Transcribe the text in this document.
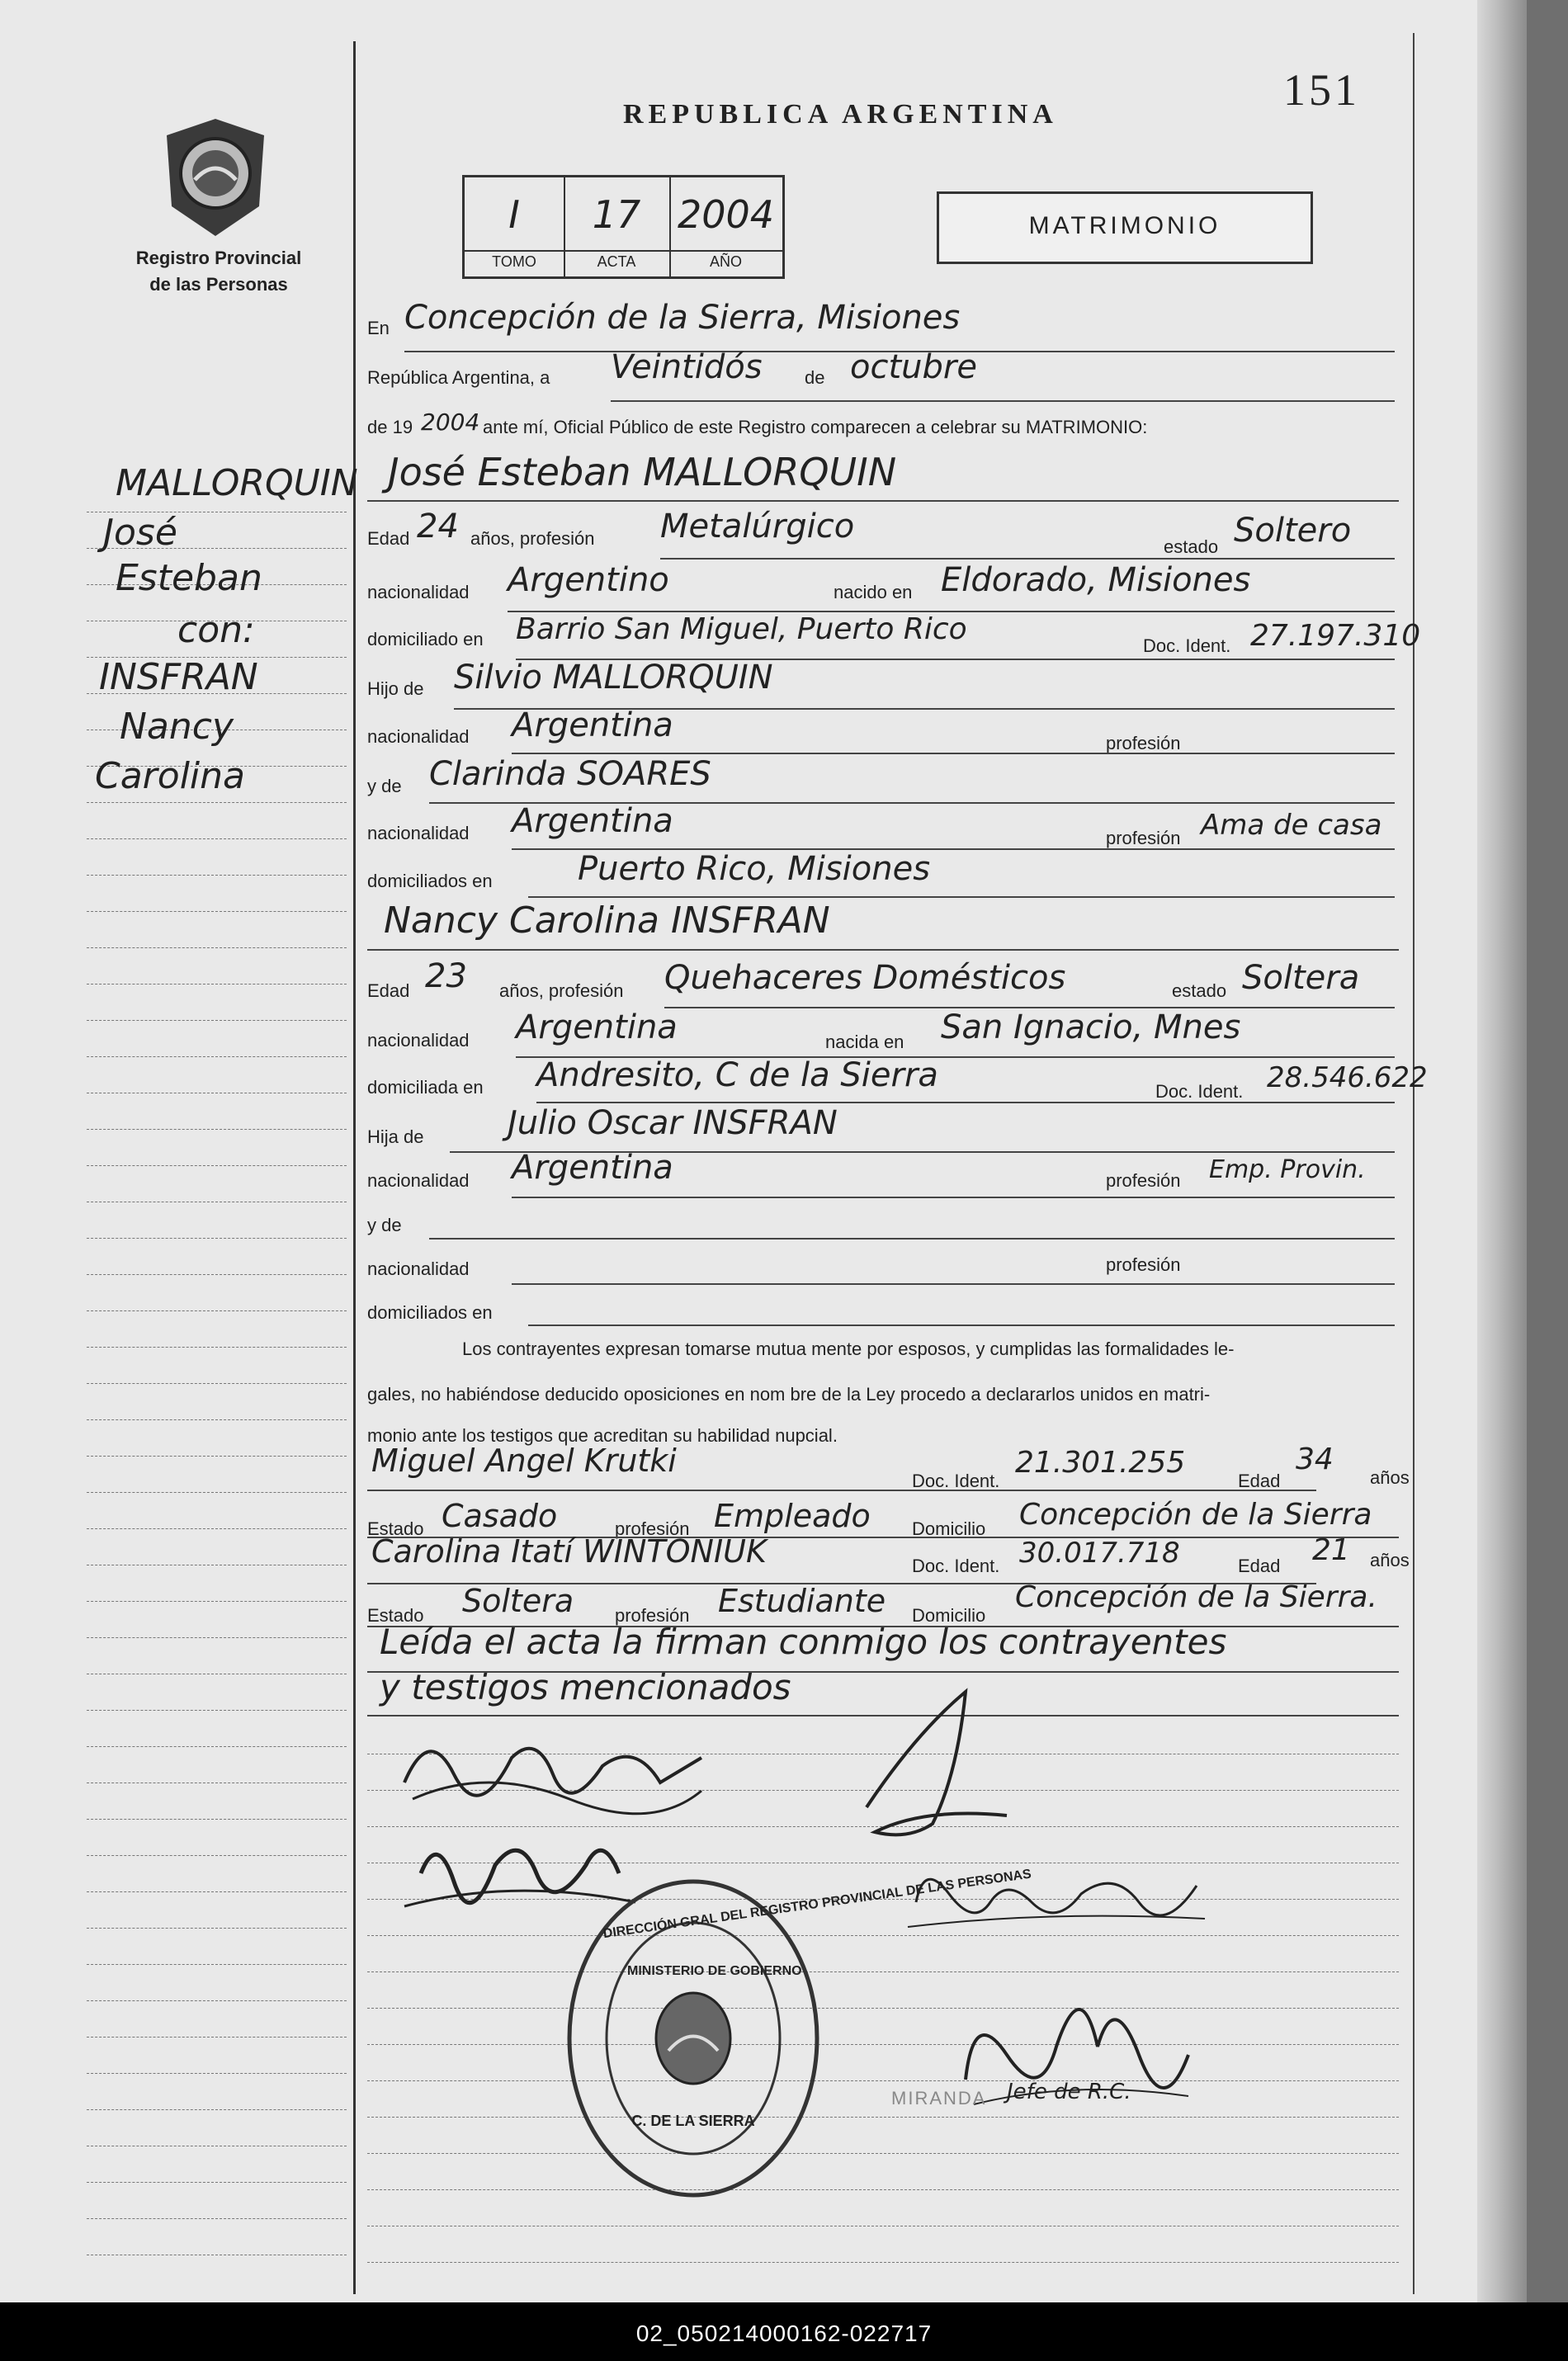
151
Registro Provincial
de las Personas
REPUBLICA ARGENTINA
I	17 2004
TOMO	ACTA	AÑO
MATRIMONIO
MALLORQUIN
José
Esteban
con:
INSFRAN
Nancy
Carolina
En Concepción de la Sierra, Misiones
República Argentina, a Veintidós de octubre
de 19 2004 ante mí, Oficial Público de este Registro comparecen a celebrar su MATRIMONIO:
José Esteban MALLORQUIN
Edad 24 años, profesión Metalúrgico
estado Soltero
nacionalidad Argentino	nacido en Eldorado, Misiones
domiciliado en Barrio San Miguel, Puerto Rico	Doc. Ident. 27.197.310
Hijo de Silvio MALLORQUIN
nacionalidad Argentina	profesión
y de Clarinda SOARES
nacionalidad Argentina	profesión Ama de casa
domiciliados en	Puerto Rico, Misiones
Nancy Carolina INSFRAN
Edad 23 años, profesión Quehaceres Domésticos	estado Soltera
nacionalidad Argentina	nacida en San Ignacio, Mnes
domiciliada en Andresito, C de la Sierra	Doc. Ident. 28.546.622
Hija de	Julio Oscar INSFRAN
nacionalidad Argentina	profesión Emp. Provin.
y de
nacionalidad	profesión
domiciliados en
Los contrayentes expresan tomarse mutua mente por esposos, y cumplidas las formalidades le-
gales, no habiéndose deducido oposiciones en nom bre de la Ley procedo a declararlos unidos en matri-
monio ante los testigos que acreditan su habilidad nupcial.
Miguel Angel Krutki
Doc. Ident.
21.301.255
Edad
34
años
Estado Casado	profesión Empleado Domicilio Concepción de la Sierra
Carolina Itatí WINTONIUK	Doc. Ident. 30.017.718	Edad 21 años
Estado Soltera profesión Estudiante Domicilio
Concepción de la Sierra.
Leída el acta la firman conmigo los contrayentes
y testigos mencionados
MIRANDA Jefe de R.C.
MINISTERIO DE GOBIERNO
C. DE LA SIERRA
02_050214000162-022717
